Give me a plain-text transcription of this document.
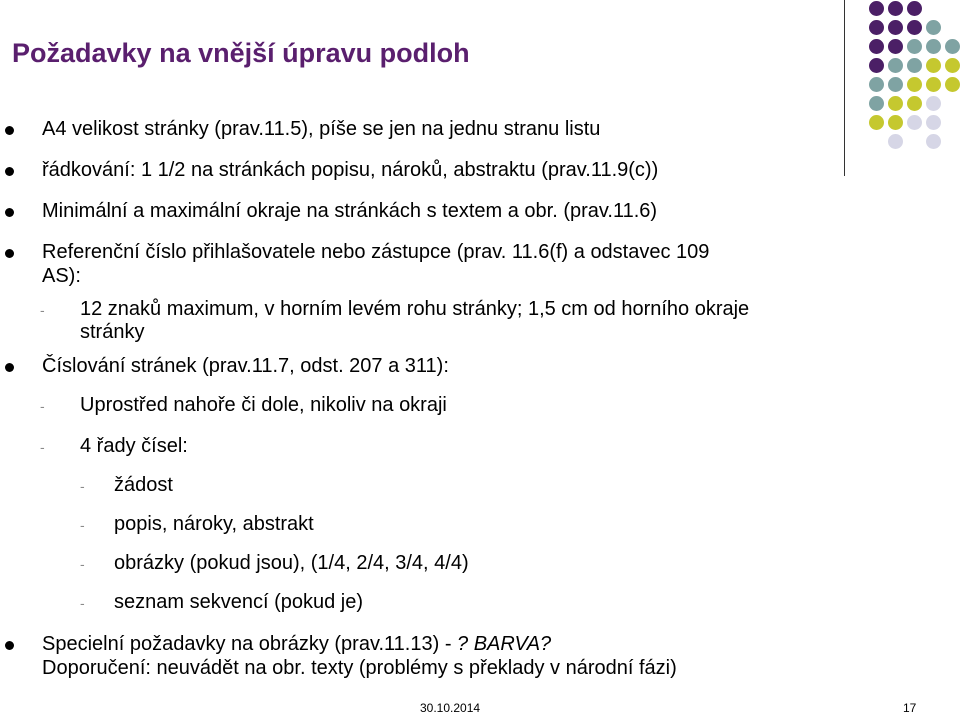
Požadavky na vnější úpravu podloh
A4 velikost stránky (prav.11.5), píše se jen na jednu stranu listu
řádkování: 1 1/2 na stránkách popisu, nároků, abstraktu (prav.11.9(c))
Minimální a maximální okraje na stránkách s textem a obr. (prav.11.6)
Referenční číslo přihlašovatele nebo zástupce (prav. 11.6(f) a odstavec 109
AS):
- 12 znaků maximum, v horním levém rohu stránky; 1,5 cm od horního okraje
stránky
Číslování stránek (prav.11.7, odst. 207 a 311):
- Uprostřed nahoře či dole, nikoliv na okraji
- 4 řady čísel:
- žádost
- popis, nároky, abstrakt
- obrázky (pokud jsou), (1/4, 2/4, 3/4, 4/4)
- seznam sekvencí (pokud je)
Specielní požadavky na obrázky (prav.11.13) - ? BARVA?
Doporučení: neuvádět na obr. texty (problémy s překlady v národní fázi)
30.10.2014	17
